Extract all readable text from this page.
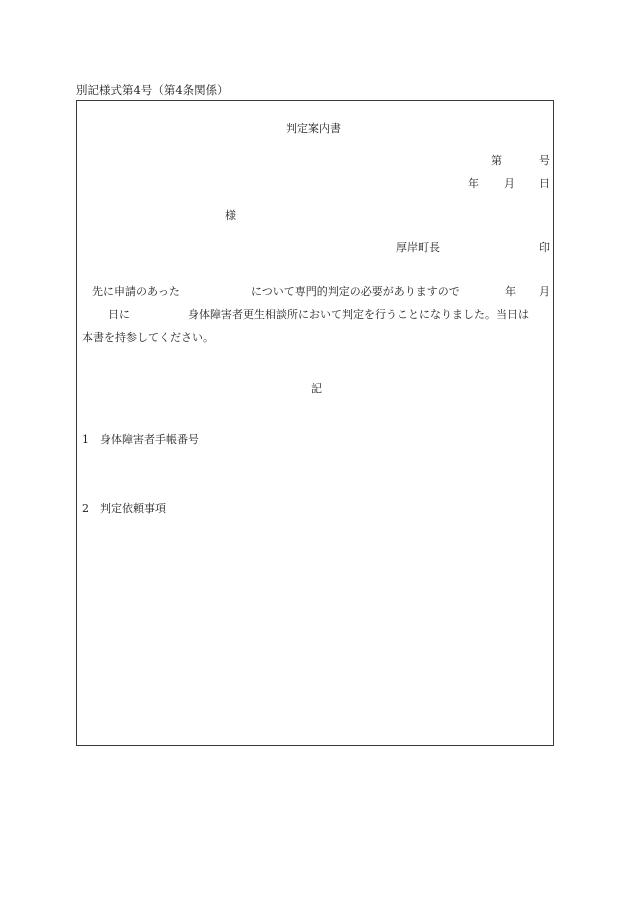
別記様式第4号（第4条関係）
判定案内書
第	号
年 月 日
様
厚岸町長	印
先に申請のあった	について専門的判定の必要がありますので	年 月
日に	身体障害者更生相談所において判定を行うことになりました。当日は
本書を持参してください。
記
1 身体障害者手帳番号
2 判定依頼事項
